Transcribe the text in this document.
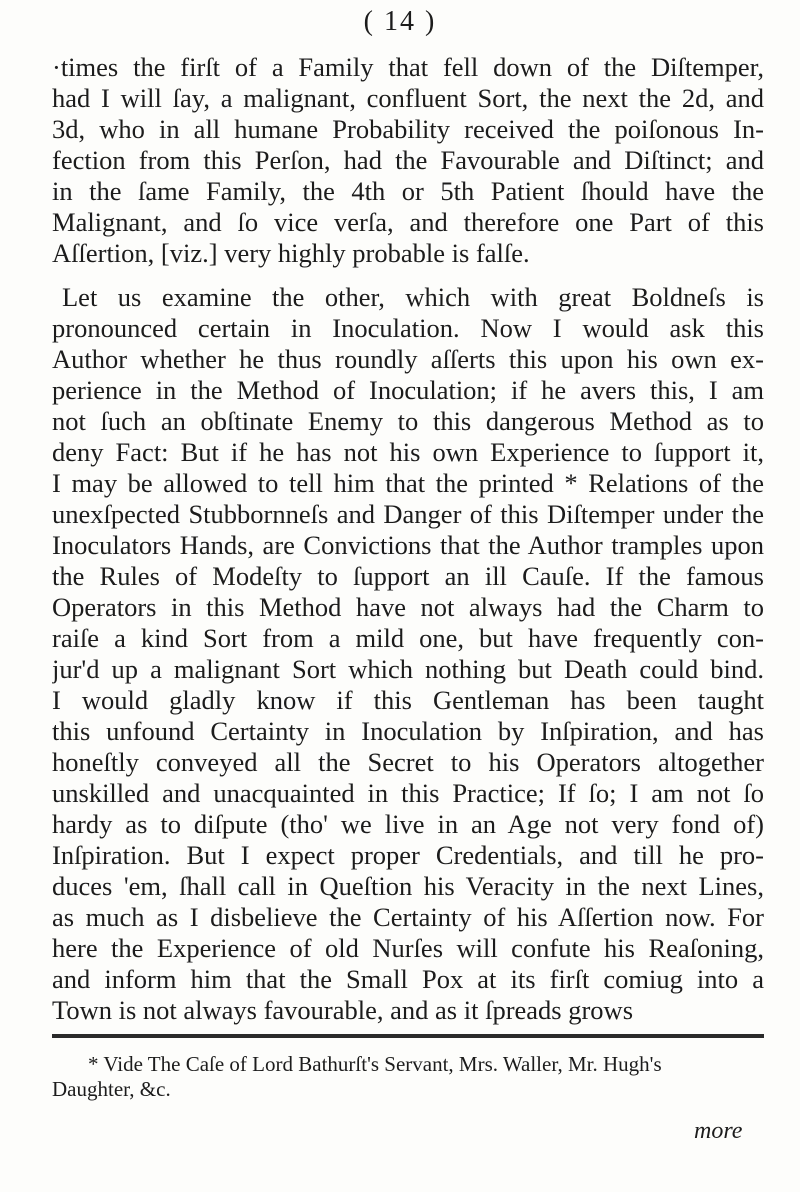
( 14 )
·times the firſt of a Family that fell down of the Diſtemper,
had I will ſay, a malignant, confluent Sort, the next the 2d, and
3d, who in all humane Probability received the poiſonous In-
fection from this Perſon, had the Favourable and Diſtinct; and
in the ſame Family, the 4th or 5th Patient ſhould have the
Malignant, and ſo vice verſa, and therefore one Part of this
Aſſertion, [viz.] very highly probable is falſe.
Let us examine the other, which with great Boldneſs is
pronounced certain in Inoculation. Now I would ask this
Author whether he thus roundly aſſerts this upon his own ex-
perience in the Method of Inoculation; if he avers this, I am
not ſuch an obſtinate Enemy to this dangerous Method as to
deny Fact: But if he has not his own Experience to ſupport it,
I may be allowed to tell him that the printed * Relations of the
unexſpected Stubbornneſs and Danger of this Diſtemper under the
Inoculators Hands, are Convictions that the Author tramples upon
the Rules of Modeſty to ſupport an ill Cauſe. If the famous
Operators in this Method have not always had the Charm to
raiſe a kind Sort from a mild one, but have frequently con-
jur'd up a malignant Sort which nothing but Death could bind.
I would gladly know if this Gentleman has been taught
this unfound Certainty in Inoculation by Inſpiration, and has
honeſtly conveyed all the Secret to his Operators altogether
unskilled and unacquainted in this Practice; If ſo; I am not ſo
hardy as to diſpute (tho' we live in an Age not very fond of)
Inſpiration. But I expect proper Credentials, and till he pro-
duces 'em, ſhall call in Queſtion his Veracity in the next Lines,
as much as I disbelieve the Certainty of his Aſſertion now. For
here the Experience of old Nurſes will confute his Reaſoning,
and inform him that the Small Pox at its firſt comiug into a
Town is not always favourable, and as it ſpreads grows
* Vide The Caſe of Lord Bathurſt's Servant, Mrs. Waller, Mr. Hugh's
Daughter, &c.
more
